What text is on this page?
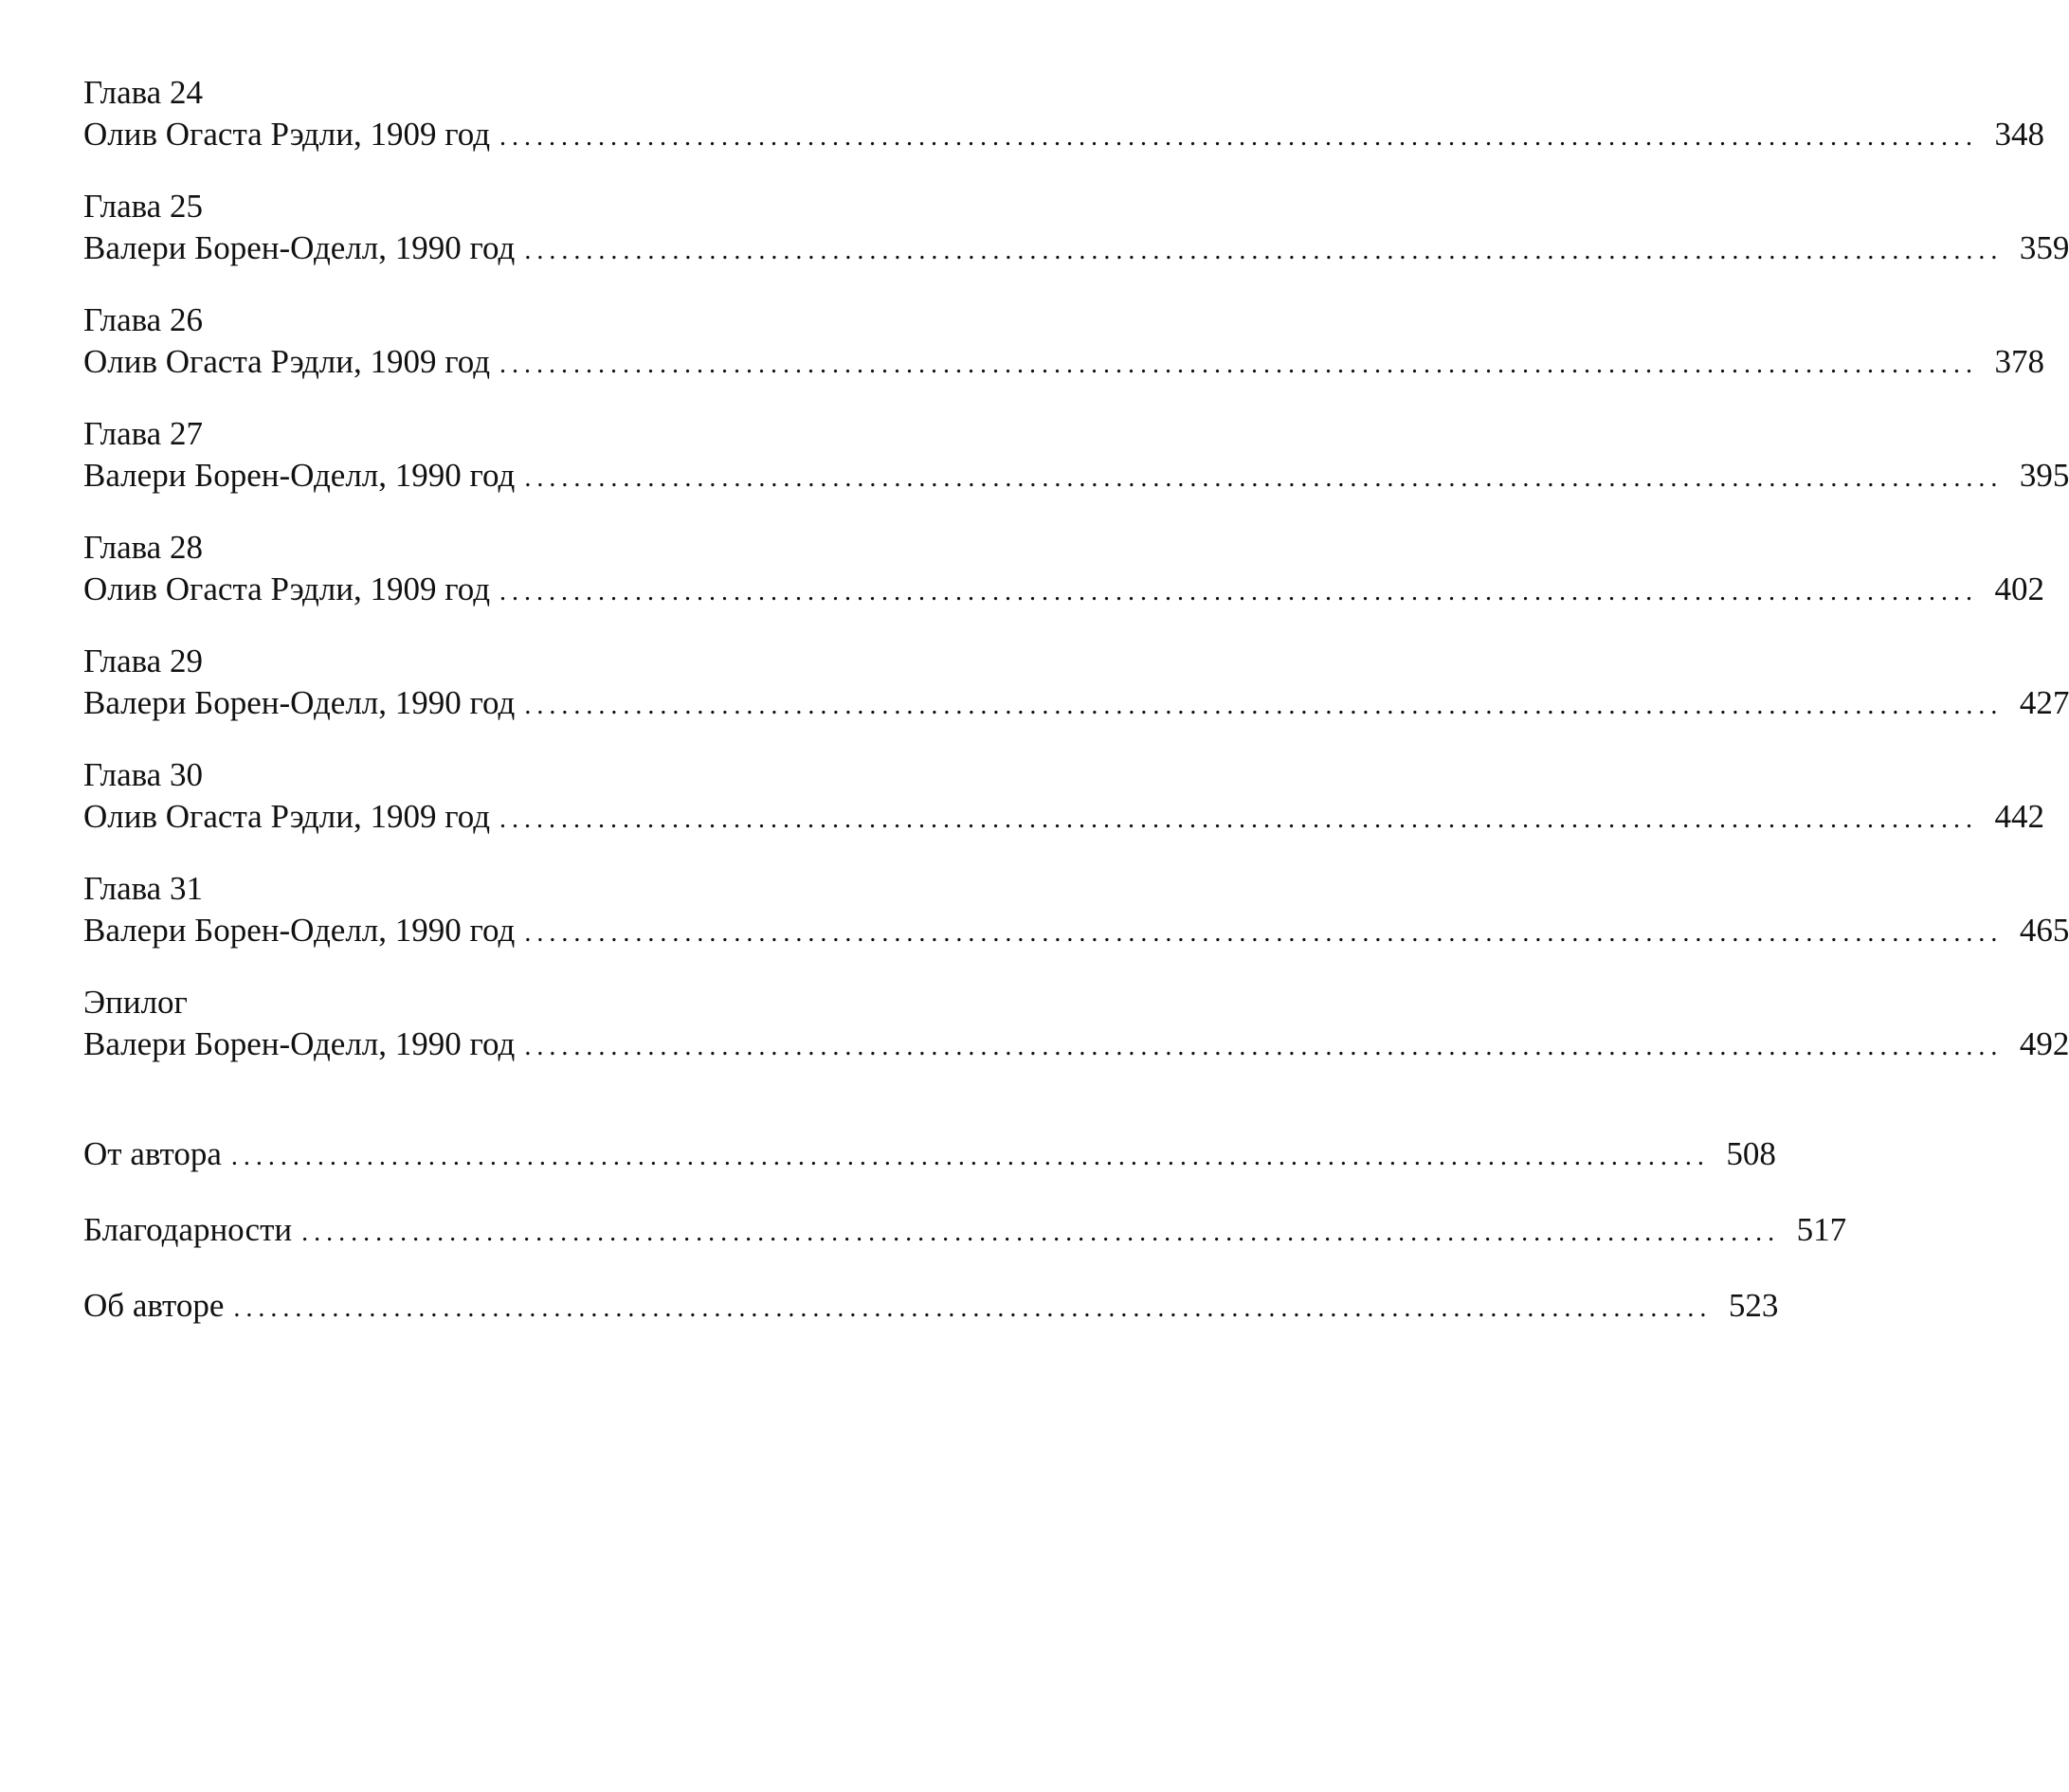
Глава 24
Олив Огаста Рэдли, 1909 год ........................................................................................................................ 348
Глава 25
Валери Борен-Оделл, 1990 год ........................................................................................................................ 359
Глава 26
Олив Огаста Рэдли, 1909 год ........................................................................................................................ 378
Глава 27
Валери Борен-Оделл, 1990 год ........................................................................................................................ 395
Глава 28
Олив Огаста Рэдли, 1909 год ........................................................................................................................ 402
Глава 29
Валери Борен-Оделл, 1990 год ........................................................................................................................ 427
Глава 30
Олив Огаста Рэдли, 1909 год ........................................................................................................................ 442
Глава 31
Валери Борен-Оделл, 1990 год ........................................................................................................................ 465
Эпилог
Валери Борен-Оделл, 1990 год ........................................................................................................................ 492
От автора ........................................................................................................................ 508
Благодарности ........................................................................................................................ 517
Об авторе ........................................................................................................................ 523
